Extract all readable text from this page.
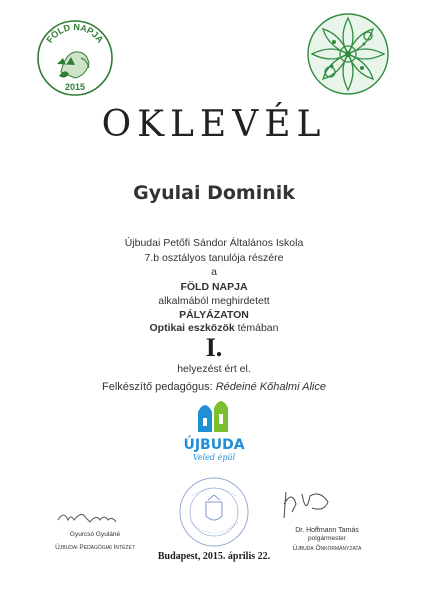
FÖLD NAPJA
2015
OKLEVÉL
Gyulai Dominik
Újbudai Petőfi Sándor Általános Iskola
7.b osztályos tanulója részére
a
FÖLD NAPJA
alkalmából meghirdetett
PÁLYÁZATON
Optikai eszközök témában
I.
helyezést ért el.
Felkészítő pedagógus: Rédeiné Kőhalmi Alice
ÚJBUDA
Veled épül
Gyurcsó Gyuláné
Újbudai Pedagógiai Intézet
Dr. Hoffmann Tamás
polgármester
Újbuda Önkormányzata
Budapest, 2015. április 22.
